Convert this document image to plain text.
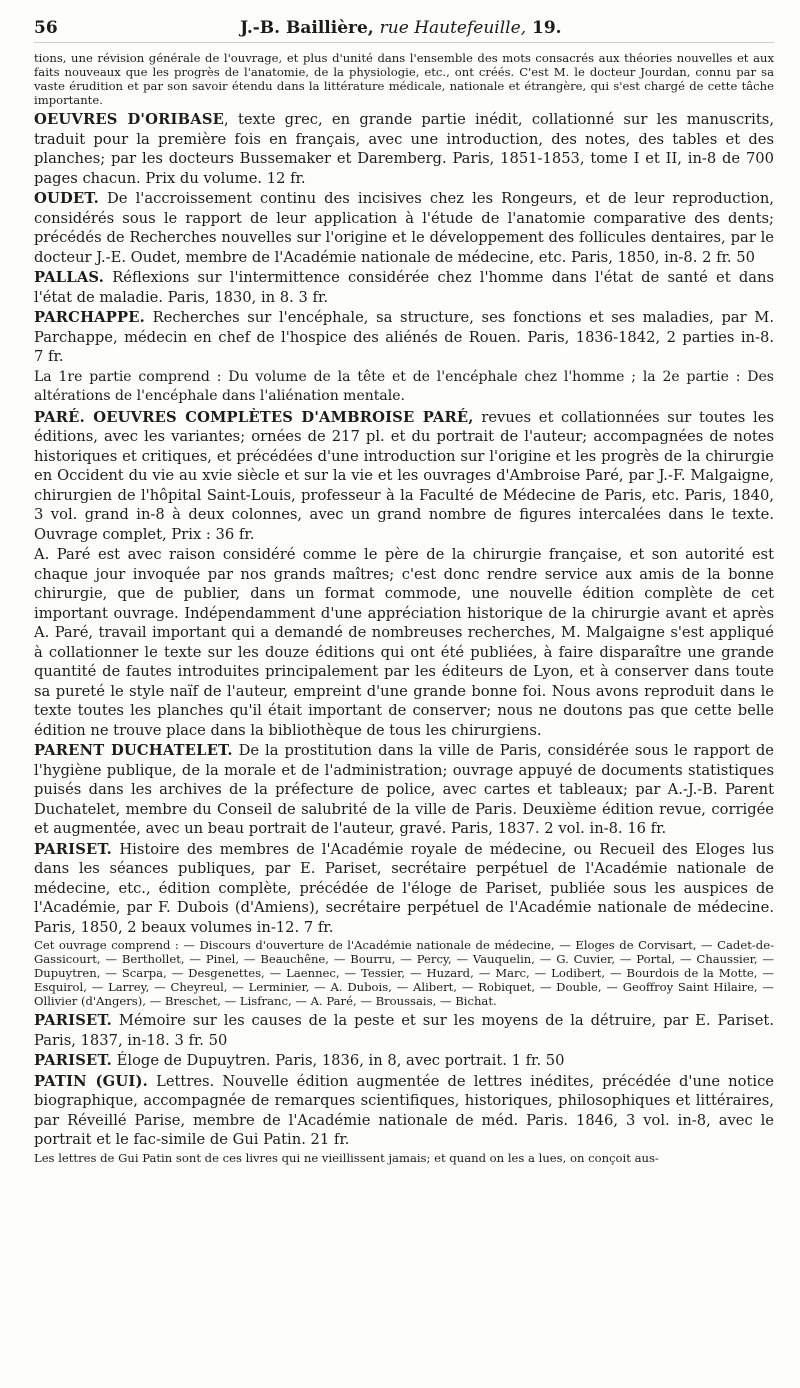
56	J.-B. Baillière, rue Hautefeuille, 19.

tions, une révision générale de l'ouvrage, et plus d'unité dans l'ensemble des mots consacrés aux théories nouvelles et aux faits nouveaux que les progrès de l'anatomie, de la physiologie, etc., ont créés. C'est M. le docteur Jourdan, connu par sa vaste érudition et par son savoir étendu dans la littérature médicale, nationale et étrangère, qui s'est chargé de cette tâche importante.

OEUVRES D'ORIBASE, texte grec, en grande partie inédit, collationné sur les manuscrits, traduit pour la première fois en français, avec une introduction, des notes, des tables et des planches; par les docteurs Bussemaker et Daremberg. Paris, 1851-1853, tome I et II, in-8 de 700 pages chacun. Prix du volume. 12 fr.

OUDET. De l'accroissement continu des incisives chez les Rongeurs, et de leur reproduction, considérés sous le rapport de leur application à l'étude de l'anatomie comparative des dents; précédés de Recherches nouvelles sur l'origine et le développement des follicules dentaires, par le docteur J.-E. Oudet, membre de l'Académie nationale de médecine, etc. Paris, 1850, in-8. 2 fr. 50

PALLAS. Réflexions sur l'intermittence considérée chez l'homme dans l'état de santé et dans l'état de maladie. Paris, 1830, in 8. 3 fr.

PARCHAPPE. Recherches sur l'encéphale, sa structure, ses fonctions et ses maladies, par M. Parchappe, médecin en chef de l'hospice des aliénés de Rouen. Paris, 1836-1842, 2 parties in-8. 7 fr.

La 1re partie comprend : Du volume de la tête et de l'encéphale chez l'homme ; la 2e partie : Des altérations de l'encéphale dans l'aliénation mentale.

PARÉ. OEUVRES COMPLÈTES D'AMBROISE PARÉ, revues et collationnées sur toutes les éditions, avec les variantes; ornées de 217 pl. et du portrait de l'auteur; accompagnées de notes historiques et critiques, et précédées d'une introduction sur l'origine et les progrès de la chirurgie en Occident du vie au xvie siècle et sur la vie et les ouvrages d'Ambroise Paré, par J.-F. Malgaigne, chirurgien de l'hôpital Saint-Louis, professeur à la Faculté de Médecine de Paris, etc. Paris, 1840, 3 vol. grand in-8 à deux colonnes, avec un grand nombre de figures intercalées dans le texte. Ouvrage complet, Prix : 36 fr.

A. Paré est avec raison considéré comme le père de la chirurgie française, et son autorité est chaque jour invoquée par nos grands maîtres; c'est donc rendre service aux amis de la bonne chirurgie, que de publier, dans un format commode, une nouvelle édition complète de cet important ouvrage. Indépendamment d'une appréciation historique de la chirurgie avant et après A. Paré, travail important qui a demandé de nombreuses recherches, M. Malgaigne s'est appliqué à collationner le texte sur les douze éditions qui ont été publiées, à faire disparaître une grande quantité de fautes introduites principalement par les éditeurs de Lyon, et à conserver dans toute sa pureté le style naïf de l'auteur, empreint d'une grande bonne foi. Nous avons reproduit dans le texte toutes les planches qu'il était important de conserver; nous ne doutons pas que cette belle édition ne trouve place dans la bibliothèque de tous les chirurgiens.

PARENT DUCHATELET. De la prostitution dans la ville de Paris, considérée sous le rapport de l'hygiène publique, de la morale et de l'administration; ouvrage appuyé de documents statistiques puisés dans les archives de la préfecture de police, avec cartes et tableaux; par A.-J.-B. Parent Duchatelet, membre du Conseil de salubrité de la ville de Paris. Deuxième édition revue, corrigée et augmentée, avec un beau portrait de l'auteur, gravé. Paris, 1837. 2 vol. in-8. 16 fr.

PARISET. Histoire des membres de l'Académie royale de médecine, ou Recueil des Eloges lus dans les séances publiques, par E. Pariset, secrétaire perpétuel de l'Académie nationale de médecine, etc., édition complète, précédée de l'éloge de Pariset, publiée sous les auspices de l'Académie, par F. Dubois (d'Amiens), secrétaire perpétuel de l'Académie nationale de médecine. Paris, 1850, 2 beaux volumes in-12. 7 fr.

Cet ouvrage comprend : — Discours d'ouverture de l'Académie nationale de médecine, — Eloges de Corvisart, — Cadet-de-Gassicourt, — Berthollet, — Pinel, — Beauchêne, — Bourru, — Percy, — Vauquelin, — G. Cuvier, — Portal, — Chaussier, — Dupuytren, — Scarpa, — Desgenettes, — Laennec, — Tessier, — Huzard, — Marc, — Lodibert, — Bourdois de la Motte, — Esquirol, — Larrey, — Cheyreul, — Lerminier, — A. Dubois, — Alibert, — Robiquet, — Double, — Geoffroy Saint Hilaire, — Ollivier (d'Angers), — Breschet, — Lisfranc, — A. Paré, — Broussais, — Bichat.

PARISET. Mémoire sur les causes de la peste et sur les moyens de la détruire, par E. Pariset. Paris, 1837, in-18. 3 fr. 50

PARISET. Éloge de Dupuytren. Paris, 1836, in 8, avec portrait. 1 fr. 50

PATIN (GUI). Lettres. Nouvelle édition augmentée de lettres inédites, précédée d'une notice biographique, accompagnée de remarques scientifiques, historiques, philosophiques et littéraires, par Réveillé Parise, membre de l'Académie nationale de méd. Paris. 1846, 3 vol. in-8, avec le portrait et le fac-simile de Gui Patin. 21 fr.

Les lettres de Gui Patin sont de ces livres qui ne vieillissent jamais; et quand on les a lues, on conçoit aus-
